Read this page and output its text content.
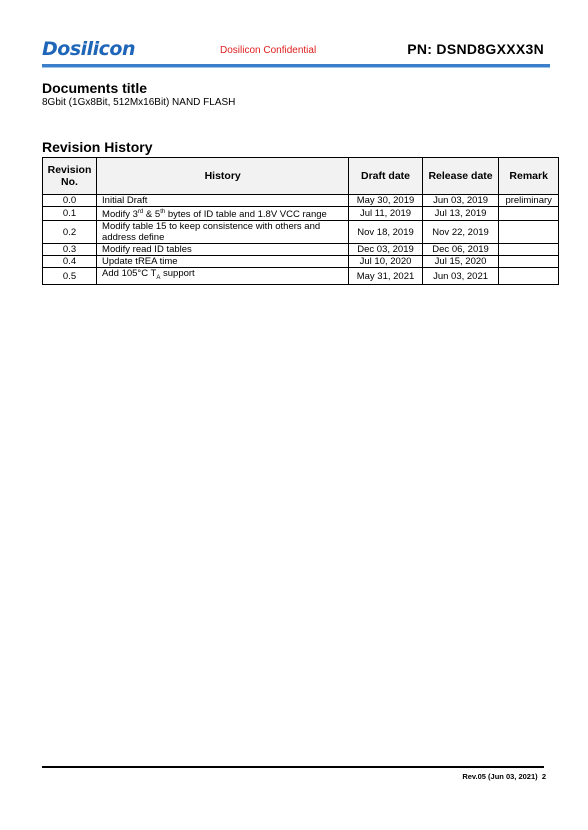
Dosilicon	Dosilicon Confidential	PN: DSND8GXXX3N
Documents title
8Gbit (1Gx8Bit, 512Mx16Bit) NAND FLASH
Revision History
Revision No.	History	Draft date	Release date	Remark
0.0	Initial Draft	May 30, 2019	Jun 03, 2019	preliminary
0.1	Modify 3rd & 5th bytes of ID table and 1.8V VCC range	Jul 11, 2019	Jul 13, 2019	
0.2	Modify table 15 to keep consistence with others and address define	Nov 18, 2019	Nov 22, 2019	
0.3	Modify read ID tables	Dec 03, 2019	Dec 06, 2019	
0.4	Update tREA time	Jul 10, 2020	Jul 15, 2020	
0.5	Add 105°C $T_A$ support	May 31, 2021	Jun 03, 2021	
Rev.05 (Jun 03, 2021) 2
